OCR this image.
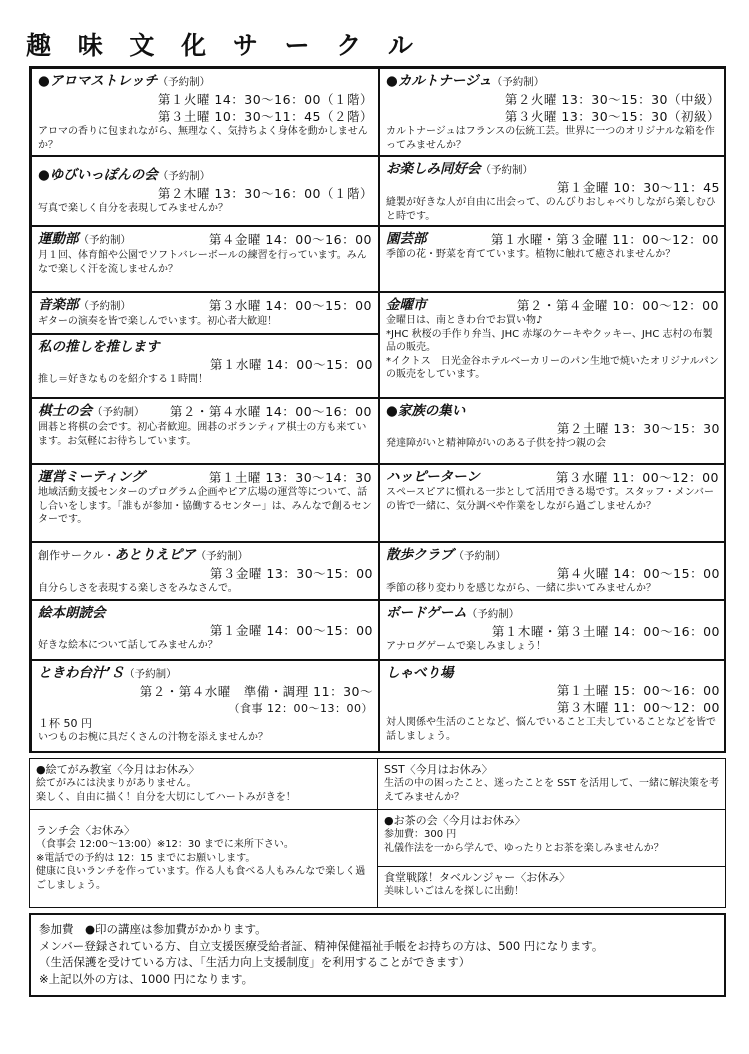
趣 味 文 化 サ ー ク ル
●アロマストレッチ（予約制）
第１火曜 14：30〜16：00（１階）
第３土曜 10：30〜11：45（２階）
アロマの香りに包まれながら、無理なく、気持ちよく身体を動かしませんか？
●カルトナージュ（予約制）
第２火曜 13：30〜15：30（中級）
第３火曜 13：30〜15：30（初級）
カルトナージュはフランスの伝統工芸。世界に一つのオリジナルな箱を作ってみませんか？
●ゆびいっぽんの会（予約制）
第２木曜 13：30〜16：00（１階）
写真で楽しく自分を表現してみませんか？
お楽しみ同好会（予約制）
第１金曜 10：30〜11：45
縫製が好きな人が自由に出会って、のんびりおしゃべりしながら楽しむひと時です。
運動部（予約制）	第４金曜 14：00〜16：00
月１回、体育館や公園でソフトバレーボールの練習を行っています。みんなで楽しく汗を流しませんか？
園芸部	第１水曜・第３金曜 11：00〜12：00
季節の花・野菜を育てています。植物に触れて癒されませんか？
音楽部（予約制）	第３水曜 14：00〜15：00
ギターの演奏を皆で楽しんでいます。初心者大歓迎！
私の推しを推します
第１水曜 14：00〜15：00
推し＝好きなものを紹介する１時間！
金曜市	第２・第４金曜 10：00〜12：00
金曜日は、南ときわ台でお買い物♪
*JHC 秋桜の手作り弁当、JHC 赤塚のケーキやクッキー、JHC 志村の布製品の販売。
*イクトス　日光金谷ホテルベーカリーのパン生地で焼いたオリジナルパンの販売をしています。
棋士の会（予約制）	第２・第４水曜 14：00〜16：00
囲碁と将棋の会です。初心者歓迎。囲碁のボランティア棋士の方も来ています。お気軽にお待ちしています。
●家族の集い
第２土曜 13：30〜15：30
発達障がいと精神障がいのある子供を持つ親の会
運営ミーティング	第１土曜 13：30〜14：30
地域活動支援センターのプログラム企画やピア広場の運営等について、話し合いをします。「誰もが参加・協働するセンター」は、みんなで創るセンターです。
ハッピーターン	第３水曜 11：00〜12：00
スペースピアに慣れる一歩として活用できる場です。スタッフ・メンバーの皆で一緒に、気分調べや作業をしながら過ごしませんか？
創作サークル・あとりえピア（予約制）
第３金曜 13：30〜15：00
自分らしさを表現する楽しさをみなさんで。
散歩クラブ（予約制）
第４火曜 14：00〜15：00
季節の移り変わりを感じながら、一緒に歩いてみませんか？
絵本朗読会
第１金曜 14：00〜15：00
好きな絵本について話してみませんか？
ボードゲーム（予約制）
第１木曜・第３土曜 14：00〜16：00
アナログゲームで楽しみましょう！
ときわ台汁’Ｓ（予約制）
第２・第４水曜　準備・調理 11：30〜
（食事 12：00〜13：00）
１杯 50 円
いつものお椀に具だくさんの汁物を添えませんか？
しゃべり場
第１土曜 15：00〜16：00
第３木曜 11：00〜12：00
対人関係や生活のことなど、悩んでいること工夫していることなどを皆で話しましょう。
●絵てがみ教室〈今月はお休み〉
絵てがみには決まりがありません。
楽しく、自由に描く！自分を大切にしてハートみがきを！
SST〈今月はお休み〉
生活の中の困ったこと、迷ったことを SST を活用して、一緒に解決策を考えてみませんか？
ランチ会〈お休み〉
（食事会 12:00〜13:00）※12：30 までに来所下さい。
※電話での予約は 12：15 までにお願いします。
健康に良いランチを作っています。作る人も食べる人もみんなで楽しく過ごしましょう。
●お茶の会〈今月はお休み〉
参加費：300 円
礼儀作法を一から学んで、ゆったりとお茶を楽しみませんか？
食堂戦隊！タベルンジャー〈お休み〉
美味しいごはんを探しに出動！
参加費　●印の講座は参加費がかかります。
メンバー登録されている方、自立支援医療受給者証、精神保健福祉手帳をお持ちの方は、500 円になります。
（生活保護を受けている方は、「生活力向上支援制度」を利用することができます）
※上記以外の方は、1000 円になります。
